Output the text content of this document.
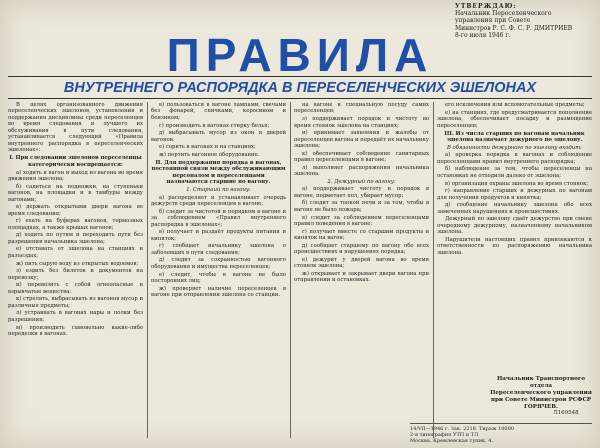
УТВЕРЖДАЮ:
Начальник Переселенческого
управления при Совете
Министров Р. С. Ф. С. Р. ДМИТРИЕВ
8-го июля 1946 г.
ПРАВИЛА
ВНУТРЕННЕГО РАСПОРЯДКА В ПЕРЕСЕЛЕНЧЕСКИХ ЭШЕЛОНАХ

В целях организованного движения переселенческих эшелонов, установления и поддержания дисциплины среди переселенцев во время следования и лучшего их обслуживания в пути следования, устанавливается следующий «Правила внутреннего распорядка в переселенческих эшелонах»:

I. При следовании эшелонов переселенцы категорически воспрещается:

а) ходить к вагон и выход из вагона во время движения эшелона;

б) садиться на подножки, на ступеньки вагонов, на площадки и в тамбуры между вагонами;

в) держать открытыми двери вагона во время следования;

г) ехать на буферах вагонов, тормозных площадках, а также крышах вагонов;

д) ходить по путям и переходить пути без разрешения начальника эшелона;

е) отставать от эшелона на станциях и разъездах;

ж) пить сырую воду из открытых водоемов;

з) ездить без билетов и документов на перевозку;

и) перевозить с собой огнеопасные и взрывчатые вещества;

к) стрелять, выбрасывать из вагонов мусор и различные предметы;

л) устраивать в вагонах нары и полки без разрешения;

м) производить самовольно какие-либо переделки в вагонах.

в) пользоваться в вагоне лампами, свечами без фонарей, спичками, керосином и бензином;

г) производить в вагонах стирку белья;

д) выбрасывать мусор из окон и дверей вагонов.

е) сорить в вагонах и на станциях;

ж) портить вагонное оборудование.

II. Для поддержания порядка в вагонах, постоянной связи между обслуживающим персоналом и переселенцами назначаются старшие по вагону.

1. Старший по вагону:

а) распределяет и устанавливает очередь дежурств среди переселенцев в вагоне;

б) следит за чистотой и порядком в вагоне и за соблюдением «Правил внутреннего распорядка в эшелонах»;

в) получает и раздаёт продукты питания и кипяток;

г) сообщает начальнику эшелона о заболевших в пути следования;

д) следит за сохранностью вагонного оборудования и имущества переселенцев;

е) следит, чтобы в вагоне не было посторонних лиц;

ж) проверяет наличие переселенцев в вагоне при отправлении эшелона со станции.

на вагоне в специальную посуду самих переселенцев;

з) поддерживает порядок и чистоту во время стоянок эшелона на станциях;

и) принимает заявления и жалобы от переселенцев вагона и передаёт их начальнику эшелона;

к) обеспечивает соблюдение санитарных правил переселенцами в вагоне;

л) выполняет распоряжения начальника эшелона.

2. Дежурный по вагону:

а) поддерживает чистоту и порядок в вагоне, подметает пол, убирает мусор;

б) следит за топкой печи и за тем, чтобы в вагоне не было пожара;

в) следит за соблюдением переселенцами правил поведения в вагоне;

г) получает вместе со старшим продукты и кипяток на вагон;

д) сообщает старшему по вагону обо всех происшествиях и нарушениях порядка;

е) дежурит у дверей вагона во время стоянок эшелона;

ж) открывает и закрывает двери вагона при отправлении и остановках.

его исключения или вспомогательные предметы;

е) на станциях, где предусматривается пополнение эшелона, обеспечивает посадку и размещение переселенцев;

III. Из числа старших по вагонам начальник эшелона назначает дежурного по эшелону.

В обязанности дежурного по эшелону входит:

а) проверка порядка в вагонах и соблюдение переселенцами правил внутреннего распорядка;

б) наблюдение за тем, чтобы переселенцы на остановках не отходили далеко от эшелона;

в) организация охраны эшелона во время стоянок;

г) направление старших и дежурных по вагонам для получения продуктов и кипятка;

д) сообщение начальнику эшелона обо всех замеченных нарушениях и происшествиях.

Дежурный по эшелону сдаёт дежурство при смене очередному дежурному, назначенному начальником эшелона.

Нарушители настоящих правил привлекаются к ответственности по распоряжению начальника эшелона.

Начальник Транспортного отдела
Переселенческого управления
при Совете Министров РСФСР ГОРЯЧЕВ.
14/VII—1946 г. Зак. 2218. Тираж 10000
2-я типография УТП и ТЛ
Москва, Кремлевская тупик, 4.
Л169548
